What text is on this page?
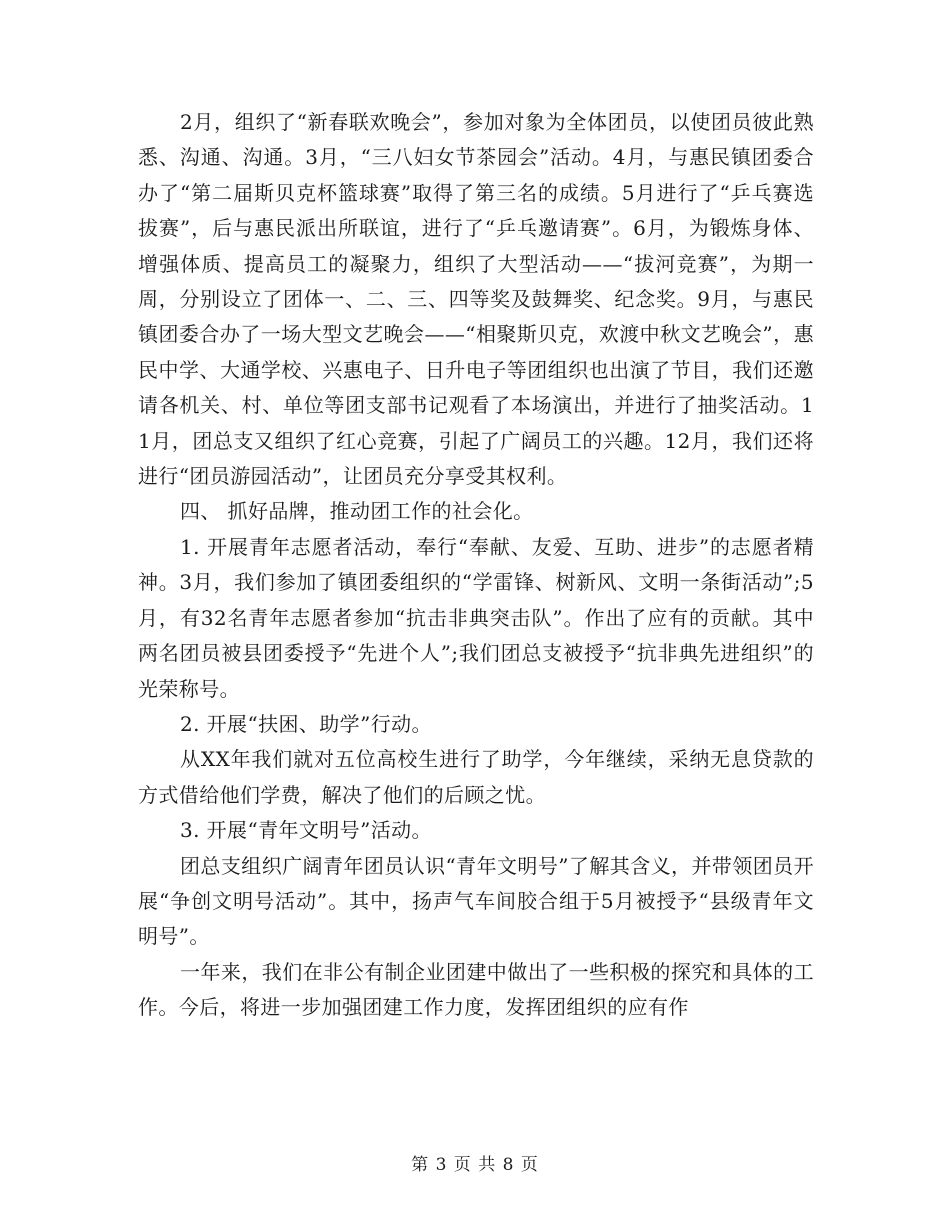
2月，组织了“新春联欢晚会”，参加对象为全体团员，以使团员彼此熟悉、沟通、沟通。3月，“三八妇女节茶园会”活动。4月，与惠民镇团委合办了“第二届斯贝克杯篮球赛”取得了第三名的成绩。5月进行了“乒乓赛选拔赛”，后与惠民派出所联谊，进行了“乒乓邀请赛”。6月，为锻炼身体、增强体质、提高员工的凝聚力，组织了大型活动——“拔河竞赛”，为期一周，分别设立了团体一、二、三、四等奖及鼓舞奖、纪念奖。9月，与惠民镇团委合办了一场大型文艺晚会——“相聚斯贝克，欢渡中秋文艺晚会”，惠民中学、大通学校、兴惠电子、日升电子等团组织也出演了节目，我们还邀请各机关、村、单位等团支部书记观看了本场演出，并进行了抽奖活动。11月，团总支又组织了红心竞赛，引起了广阔员工的兴趣。12月，我们还将进行“团员游园活动”，让团员充分享受其权利。

四、 抓好品牌，推动团工作的社会化。

1. 开展青年志愿者活动，奉行“奉献、友爱、互助、进步”的志愿者精神。3月，我们参加了镇团委组织的“学雷锋、树新风、文明一条街活动”;5月，有32名青年志愿者参加“抗击非典突击队”。作出了应有的贡献。其中两名团员被县团委授予“先进个人”;我们团总支被授予“抗非典先进组织”的光荣称号。

2. 开展“扶困、助学”行动。

从XX年我们就对五位高校生进行了助学，今年继续，采纳无息贷款的方式借给他们学费，解决了他们的后顾之忧。

3. 开展“青年文明号”活动。

团总支组织广阔青年团员认识“青年文明号”了解其含义，并带领团员开展“争创文明号活动”。其中，扬声气车间胶合组于5月被授予“县级青年文明号”。

一年来，我们在非公有制企业团建中做出了一些积极的探究和具体的工作。今后，将进一步加强团建工作力度，发挥团组织的应有作

第 3 页 共 8 页
